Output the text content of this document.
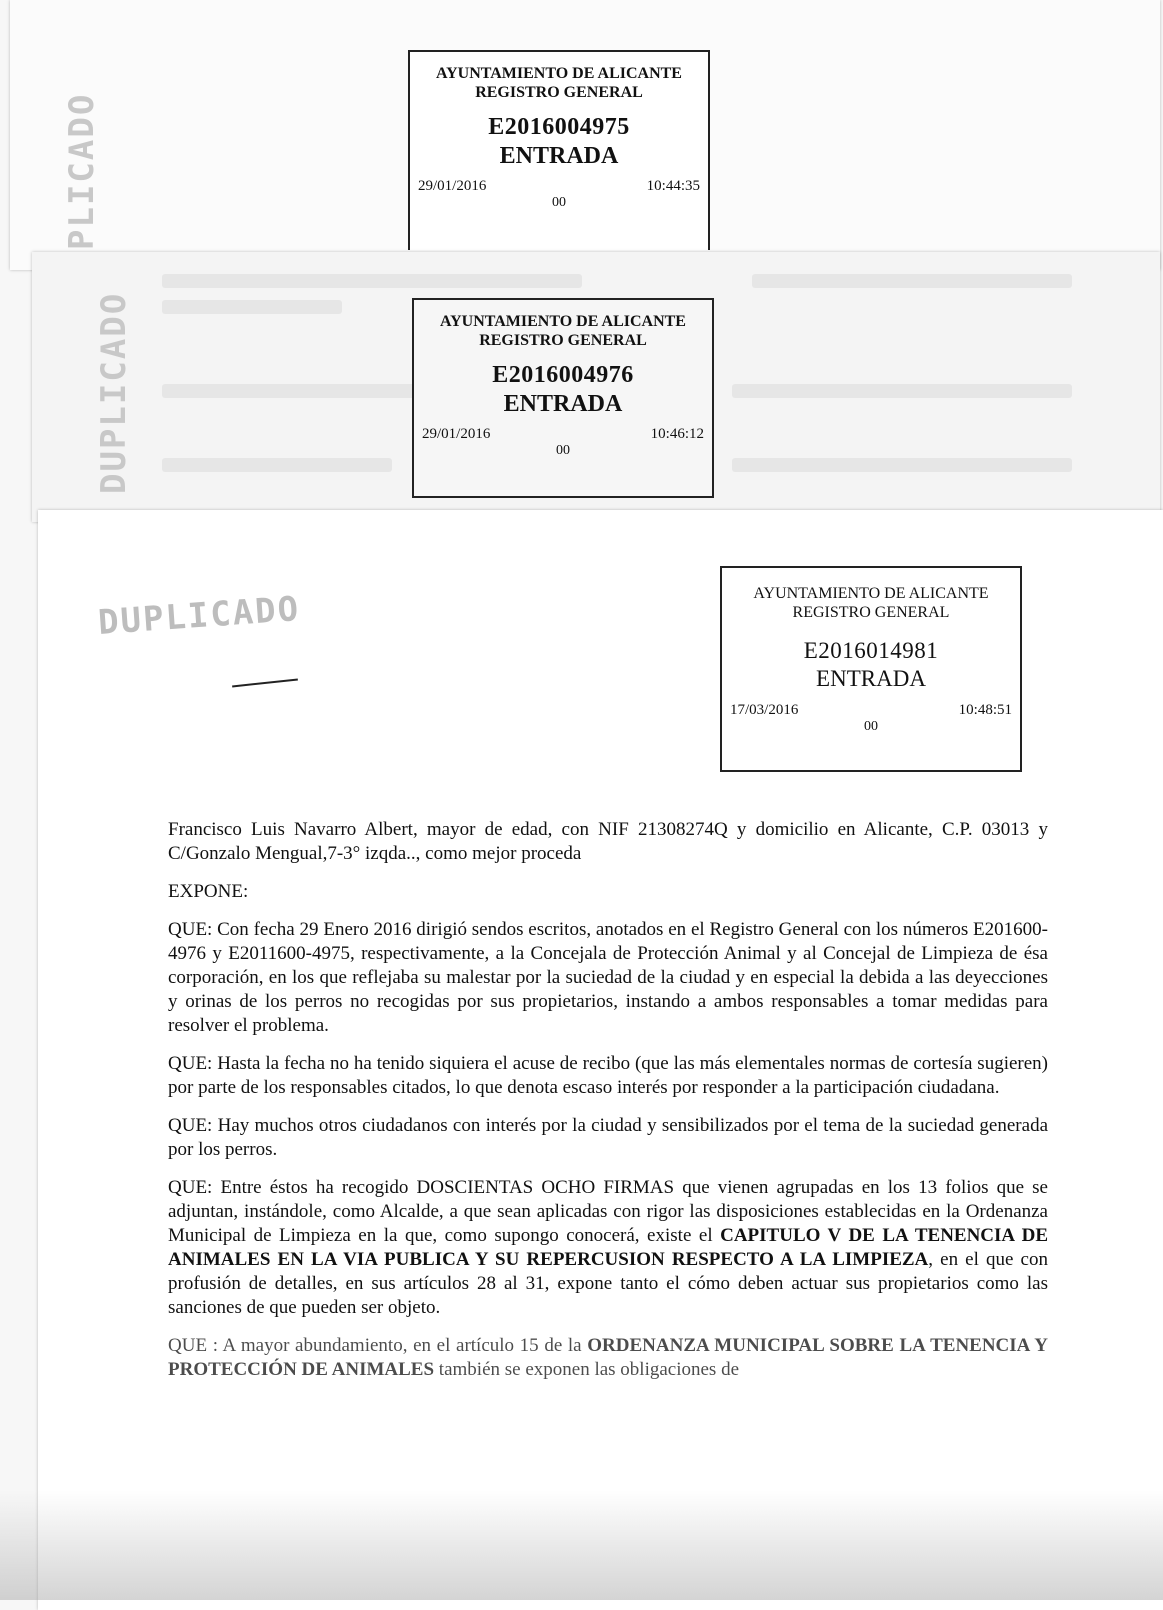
PLICADO
AYUNTAMIENTO DE ALICANTE
REGISTRO GENERAL
E2016004975
ENTRADA
29/01/2016	10:44:35
00
DUPLICADO	AYUNTAMIENTO DE ALICANTE
REGISTRO GENERAL
E2016004976
ENTRADA
29/01/2016	10:46:12
00
DUPLICADO	AYUNTAMIENTO DE ALICANTE
REGISTRO GENERAL
E2016014981
ENTRADA
17/03/2016	10:48:51
00

Francisco Luis Navarro Albert, mayor de edad, con NIF 21308274Q y domicilio en Alicante, C.P. 03013 y C/Gonzalo Mengual,7-3° izqda.., como mejor proceda

EXPONE:

QUE: Con fecha 29 Enero 2016 dirigió sendos escritos, anotados en el Registro General con los números E201600-4976 y E2011600-4975, respectivamente, a la Concejala de Protección Animal y al Concejal de Limpieza de ésa corporación, en los que reflejaba su malestar por la suciedad de la ciudad y en especial la debida a las deyecciones y orinas de los perros no recogidas por sus propietarios, instando a ambos responsables a tomar medidas para resolver el problema.

QUE: Hasta la fecha no ha tenido siquiera el acuse de recibo (que las más elementales normas de cortesía sugieren) por parte de los responsables citados, lo que denota escaso interés por responder a la participación ciudadana.

QUE: Hay muchos otros ciudadanos con interés por la ciudad y sensibilizados por el tema de la suciedad generada por los perros.

QUE: Entre éstos ha recogido DOSCIENTAS OCHO FIRMAS que vienen agrupadas en los 13 folios que se adjuntan, instándole, como Alcalde, a que sean aplicadas con rigor las disposiciones establecidas en la Ordenanza Municipal de Limpieza en la que, como supongo conocerá, existe el CAPITULO V DE LA TENENCIA DE ANIMALES EN LA VIA PUBLICA Y SU REPERCUSION RESPECTO A LA LIMPIEZA, en el que con profusión de detalles, en sus artículos 28 al 31, expone tanto el cómo deben actuar sus propietarios como las sanciones de que pueden ser objeto.

QUE : A mayor abundamiento, en el artículo 15 de la ORDENANZA MUNICIPAL SOBRE LA TENENCIA Y PROTECCIÓN DE ANIMALES también se exponen las obligaciones de
